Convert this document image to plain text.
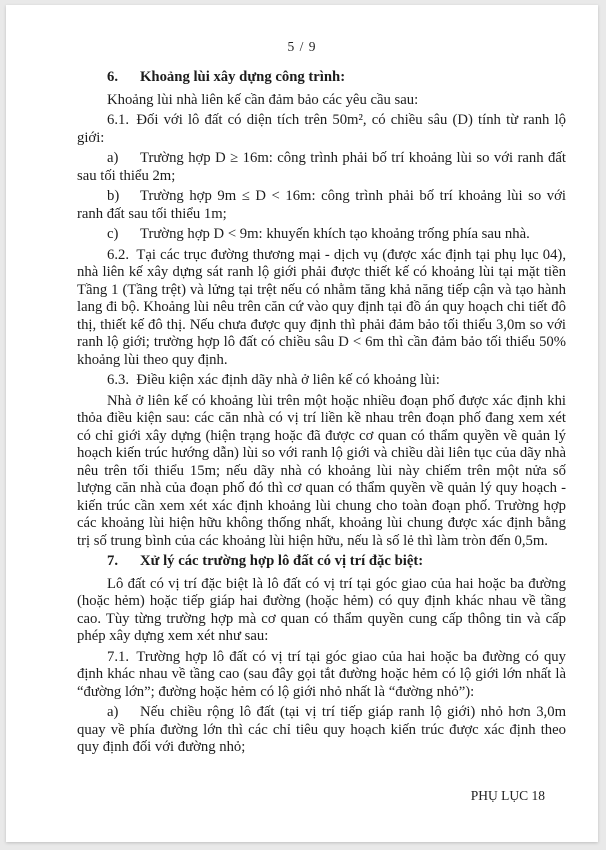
5 / 9

6. Khoảng lùi xây dựng công trình:

Khoảng lùi nhà liên kế cần đảm bảo các yêu cầu sau:

6.1. Đối với lô đất có diện tích trên 50m², có chiều sâu (D) tính từ ranh lộ giới:

a) Trường hợp D ≥ 16m: công trình phải bố trí khoảng lùi so với ranh đất sau tối thiểu 2m;

b) Trường hợp 9m ≤ D < 16m: công trình phải bố trí khoảng lùi so với ranh đất sau tối thiểu 1m;

c) Trường hợp D < 9m: khuyến khích tạo khoảng trống phía sau nhà.

6.2. Tại các trục đường thương mại - dịch vụ (được xác định tại phụ lục 04), nhà liên kế xây dựng sát ranh lộ giới phải được thiết kế có khoảng lùi tại mặt tiền Tầng 1 (Tầng trệt) và lửng tại trệt nếu có nhằm tăng khả năng tiếp cận và tạo hành lang đi bộ. Khoảng lùi nêu trên căn cứ vào quy định tại đồ án quy hoạch chi tiết đô thị, thiết kế đô thị. Nếu chưa được quy định thì phải đảm bảo tối thiểu 3,0m so với ranh lộ giới; trường hợp lô đất có chiều sâu D < 6m thì cần đảm bảo tối thiểu 50% khoảng lùi theo quy định.

6.3. Điều kiện xác định dãy nhà ở liên kế có khoảng lùi:

Nhà ở liên kế có khoảng lùi trên một hoặc nhiều đoạn phố được xác định khi thỏa điều kiện sau: các căn nhà có vị trí liền kề nhau trên đoạn phố đang xem xét có chỉ giới xây dựng (hiện trạng hoặc đã được cơ quan có thẩm quyền về quản lý hoạch kiến trúc hướng dẫn) lùi so với ranh lộ giới và chiều dài liên tục của dãy nhà nêu trên tối thiểu 15m; nếu dãy nhà có khoảng lùi này chiếm trên một nửa số lượng căn nhà của đoạn phố đó thì cơ quan có thẩm quyền về quản lý quy hoạch - kiến trúc cần xem xét xác định khoảng lùi chung cho toàn đoạn phố. Trường hợp các khoảng lùi hiện hữu không thống nhất, khoảng lùi chung được xác định bằng trị số trung bình của các khoảng lùi hiện hữu, nếu là số lẻ thì làm tròn đến 0,5m.

7. Xử lý các trường hợp lô đất có vị trí đặc biệt:

Lô đất có vị trí đặc biệt là lô đất có vị trí tại góc giao của hai hoặc ba đường (hoặc hẻm) hoặc tiếp giáp hai đường (hoặc hẻm) có quy định khác nhau về tầng cao. Tùy từng trường hợp mà cơ quan có thẩm quyền cung cấp thông tin và cấp phép xây dựng xem xét như sau:

7.1. Trường hợp lô đất có vị trí tại góc giao của hai hoặc ba đường có quy định khác nhau về tầng cao (sau đây gọi tắt đường hoặc hẻm có lộ giới lớn nhất là “đường lớn”; đường hoặc hẻm có lộ giới nhỏ nhất là “đường nhỏ”):

a) Nếu chiều rộng lô đất (tại vị trí tiếp giáp ranh lộ giới) nhỏ hơn 3,0m quay về phía đường lớn thì các chỉ tiêu quy hoạch kiến trúc được xác định theo quy định đối với đường nhỏ;

PHỤ LỤC 18
